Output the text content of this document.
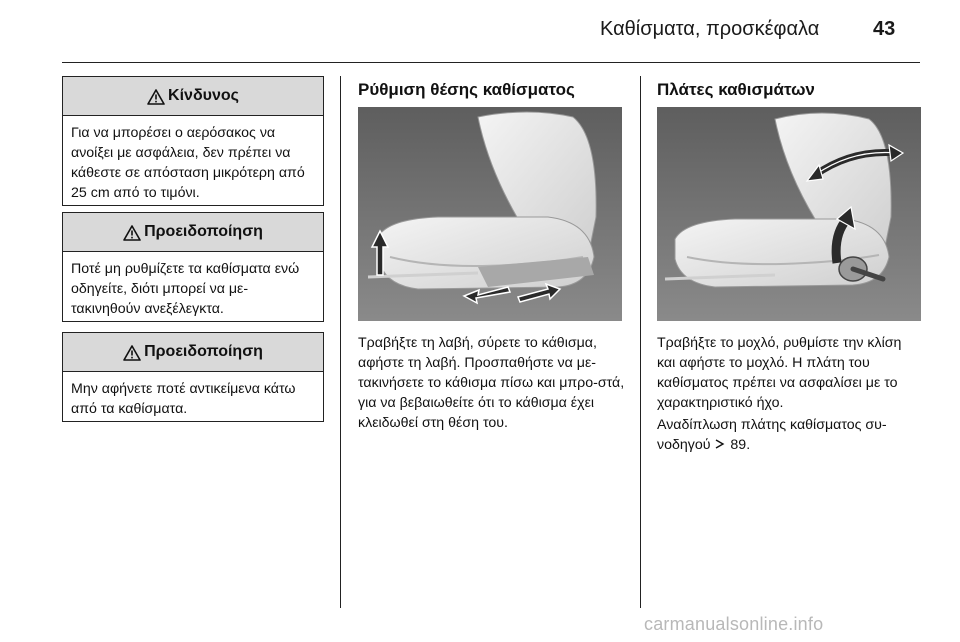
Καθίσματα, προσκέφαλα	43
Κίνδυνος
Για να μπορέσει ο αερόσακος να ανοίξει με ασφάλεια, δεν πρέπει να κάθεστε σε απόσταση μικρότερη από 25 cm από το τιμόνι.
Προειδοποίηση
Ποτέ μη ρυθμίζετε τα καθίσματα ενώ οδηγείτε, διότι μπορεί να με-τακινηθούν ανεξέλεγκτα.
Προειδοποίηση
Μην αφήνετε ποτέ αντικείμενα κάτω από τα καθίσματα.
Ρύθμιση θέσης καθίσματος
Τραβήξτε τη λαβή, σύρετε το κάθισμα, αφήστε τη λαβή. Προσπαθήστε να με-τακινήσετε το κάθισμα πίσω και μπρο-στά, για να βεβαιωθείτε ότι το κάθισμα έχει κλειδωθεί στη θέση του.
Πλάτες καθισμάτων
Τραβήξτε το μοχλό, ρυθμίστε την κλίση και αφήστε το μοχλό. Η πλάτη του καθίσματος πρέπει να ασφαλίσει με το χαρακτηριστικό ήχο.
Αναδίπλωση πλάτης καθίσματος συ-νοδηγού 89.
carmanualsonline.info
